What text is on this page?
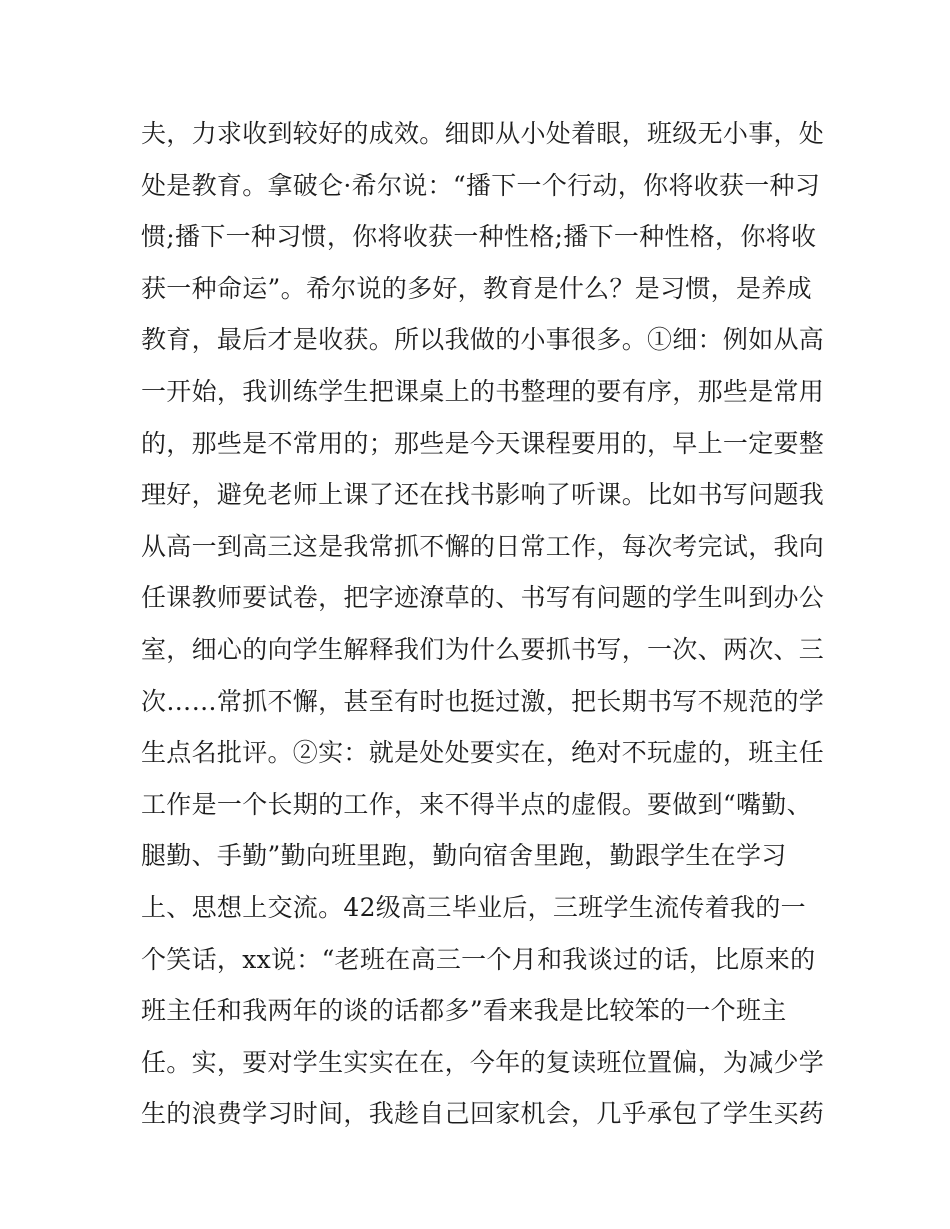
夫，力求收到较好的成效。细即从小处着眼，班级无小事，处
处是教育。拿破仑·希尔说：“播下一个行动，你将收获一种习
惯;播下一种习惯，你将收获一种性格;播下一种性格，你将收
获一种命运”。希尔说的多好，教育是什么？是习惯，是养成
教育，最后才是收获。所以我做的小事很多。①细：例如从高
一开始，我训练学生把课桌上的书整理的要有序，那些是常用
的，那些是不常用的；那些是今天课程要用的，早上一定要整
理好，避免老师上课了还在找书影响了听课。比如书写问题我
从高一到高三这是我常抓不懈的日常工作，每次考完试，我向
任课教师要试卷，把字迹潦草的、书写有问题的学生叫到办公
室，细心的向学生解释我们为什么要抓书写，一次、两次、三
次……常抓不懈，甚至有时也挺过激，把长期书写不规范的学
生点名批评。②实：就是处处要实在，绝对不玩虚的，班主任
工作是一个长期的工作，来不得半点的虚假。要做到“嘴勤、
腿勤、手勤”勤向班里跑，勤向宿舍里跑，勤跟学生在学习
上、思想上交流。42级高三毕业后，三班学生流传着我的一
个笑话，xx说：“老班在高三一个月和我谈过的话，比原来的
班主任和我两年的谈的话都多”看来我是比较笨的一个班主
任。实，要对学生实实在在，今年的复读班位置偏，为减少学
生的浪费学习时间，我趁自己回家机会，几乎承包了学生买药
